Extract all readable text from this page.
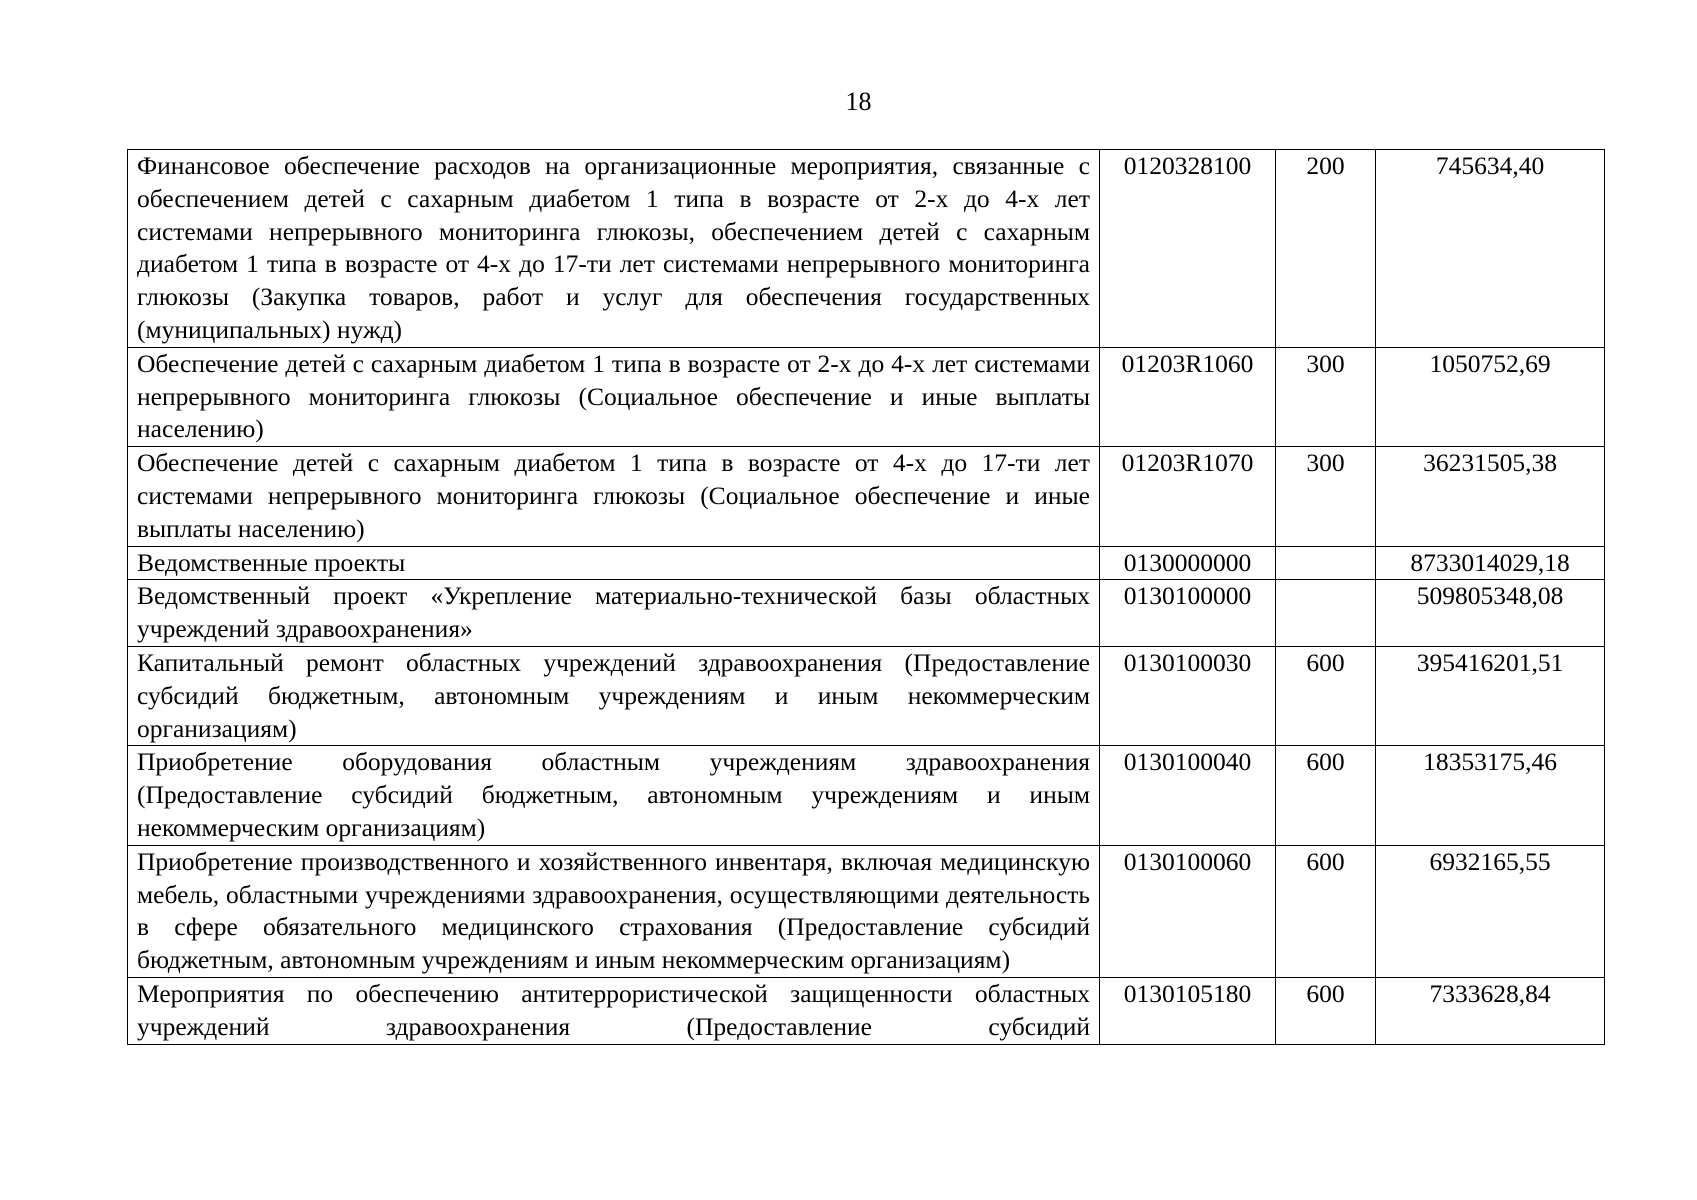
18
Финансовое обеспечение расходов на организационные мероприятия, связанные с обеспечением детей с сахарным диабетом 1 типа в возрасте от 2-х до 4-х лет системами непрерывного мониторинга глюкозы, обеспечением детей с сахарным диабетом 1 типа в возрасте от 4-х до 17-ти лет системами непрерывного мониторинга глюкозы (Закупка товаров, работ и услуг для обеспечения государственных (муниципальных) нужд)	0120328100	200	745634,40
Обеспечение детей с сахарным диабетом 1 типа в возрасте от 2-х до 4-х лет системами непрерывного мониторинга глюкозы (Социальное обеспечение и иные выплаты населению)	01203R1060	300	1050752,69
Обеспечение детей с сахарным диабетом 1 типа в возрасте от 4-х до 17-ти лет системами непрерывного мониторинга глюкозы (Социальное обеспечение и иные выплаты населению)	01203R1070	300	36231505,38
Ведомственные проекты	0130000000		8733014029,18
Ведомственный проект «Укрепление материально-технической базы областных учреждений здравоохранения»	0130100000		509805348,08
Капитальный ремонт областных учреждений здравоохранения (Предоставление субсидий бюджетным, автономным учреждениям и иным некоммерческим организациям)	0130100030	600	395416201,51
Приобретение оборудования областным учреждениям здравоохранения (Предоставление субсидий бюджетным, автономным учреждениям и иным некоммерческим организациям)	0130100040	600	18353175,46
Приобретение производственного и хозяйственного инвентаря, включая медицинскую мебель, областными учреждениями здравоохранения, осуществляющими деятельность в сфере обязательного медицинского страхования (Предоставление субсидий бюджетным, автономным учреждениям и иным некоммерческим организациям)	0130100060	600	6932165,55
Мероприятия по обеспечению антитеррористической защищенности областных учреждений здравоохранения (Предоставление субсидий	0130105180	600	7333628,84
